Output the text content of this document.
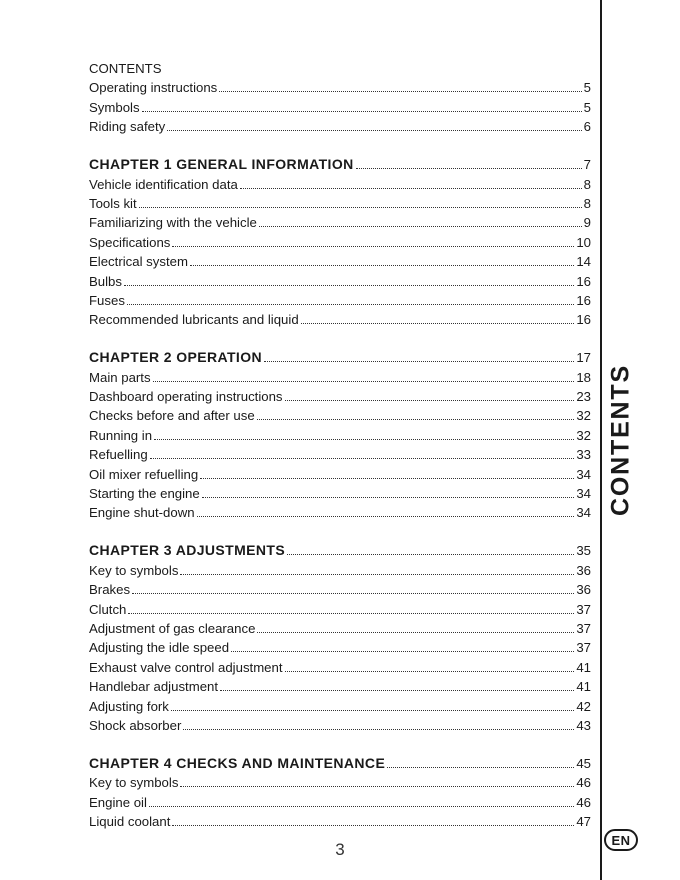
CONTENTS
EN
CONTENTS
Operating instructions	5
Symbols	5
Riding safety	6
CHAPTER 1 GENERAL INFORMATION	7
Vehicle identification data	8
Tools kit	8
Familiarizing with the vehicle	9
Specifications	10
Electrical system	14
Bulbs	16
Fuses	16
Recommended lubricants and liquid	16
CHAPTER 2 OPERATION	17
Main parts	18
Dashboard operating instructions	23
Checks before and after use	32
Running in	32
Refuelling	33
Oil mixer refuelling	34
Starting the engine	34
Engine shut-down	34
CHAPTER 3 ADJUSTMENTS	35
Key to symbols	36
Brakes	36
Clutch	37
Adjustment of gas clearance	37
Adjusting the idle speed	37
Exhaust valve control adjustment	41
Handlebar adjustment	41
Adjusting fork	42
Shock absorber	43
CHAPTER 4 CHECKS AND MAINTENANCE	45
Key to symbols	46
Engine oil	46
Liquid coolant	47
3
